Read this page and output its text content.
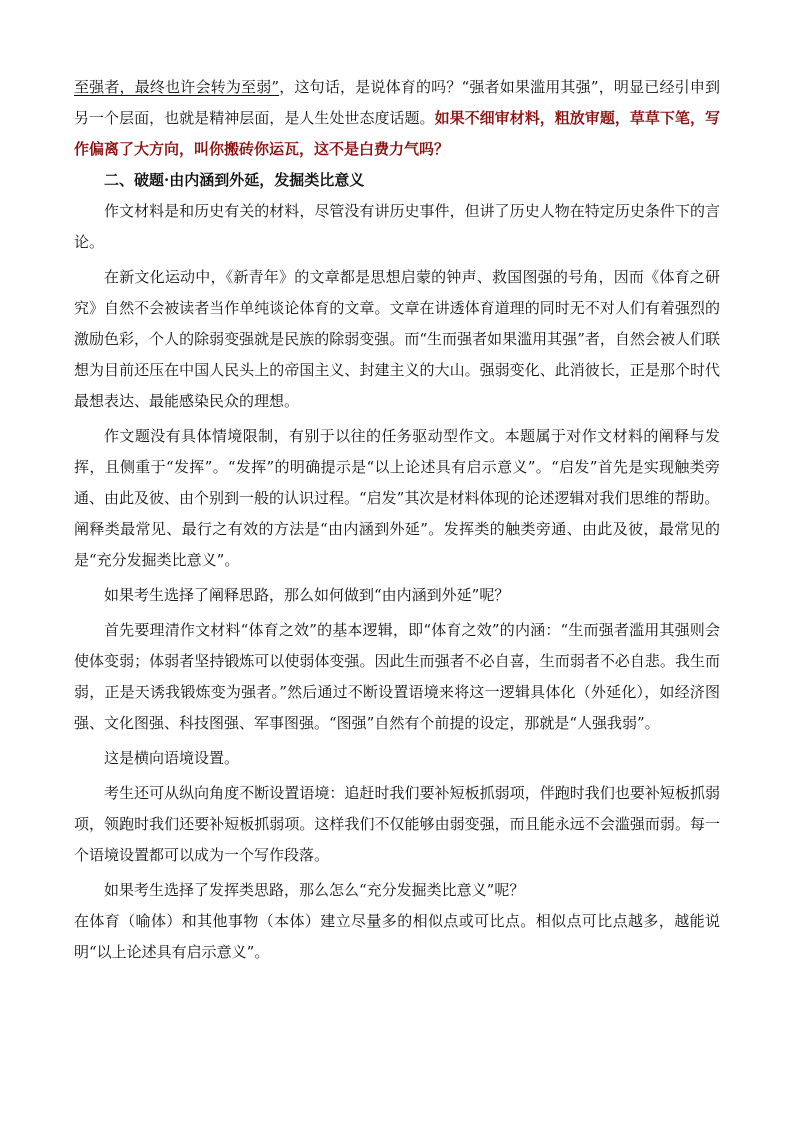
至强者，最终也许会转为至弱”，这句话，是说体育的吗？“强者如果滥用其强”，明显已经引申到另一个层面，也就是精神层面，是人生处世态度话题。如果不细审材料，粗放审题，草草下笔，写作偏离了大方向，叫你搬砖你运瓦，这不是白费力气吗？

二、破题·由内涵到外延，发掘类比意义

作文材料是和历史有关的材料，尽管没有讲历史事件，但讲了历史人物在特定历史条件下的言论。

在新文化运动中，《新青年》的文章都是思想启蒙的钟声、救国图强的号角，因而《体育之研究》自然不会被读者当作单纯谈论体育的文章。文章在讲透体育道理的同时无不对人们有着强烈的激励色彩，个人的除弱变强就是民族的除弱变强。而“生而强者如果滥用其强”者，自然会被人们联想为目前还压在中国人民头上的帝国主义、封建主义的大山。强弱变化、此消彼长，正是那个时代最想表达、最能感染民众的理想。

作文题没有具体情境限制，有别于以往的任务驱动型作文。本题属于对作文材料的阐释与发挥，且侧重于“发挥”。“发挥”的明确提示是“以上论述具有启示意义”。“启发”首先是实现触类旁通、由此及彼、由个别到一般的认识过程。“启发”其次是材料体现的论述逻辑对我们思维的帮助。

阐释类最常见、最行之有效的方法是“由内涵到外延”。发挥类的触类旁通、由此及彼，最常见的是“充分发掘类比意义”。

如果考生选择了阐释思路，那么如何做到“由内涵到外延”呢？

首先要理清作文材料“体育之效”的基本逻辑，即“体育之效”的内涵：“生而强者滥用其强则会使体变弱；体弱者坚持锻炼可以使弱体变强。因此生而强者不必自喜，生而弱者不必自悲。我生而弱，正是天诱我锻炼变为强者。”然后通过不断设置语境来将这一逻辑具体化（外延化），如经济图强、文化图强、科技图强、军事图强。“图强”自然有个前提的设定，那就是“人强我弱”。

这是横向语境设置。

考生还可从纵向角度不断设置语境：追赶时我们要补短板抓弱项，伴跑时我们也要补短板抓弱项，领跑时我们还要补短板抓弱项。这样我们不仅能够由弱变强，而且能永远不会滥强而弱。每一个语境设置都可以成为一个写作段落。

如果考生选择了发挥类思路，那么怎么“充分发掘类比意义”呢？

在体育（喻体）和其他事物（本体）建立尽量多的相似点或可比点。相似点可比点越多，越能说明“以上论述具有启示意义”。
